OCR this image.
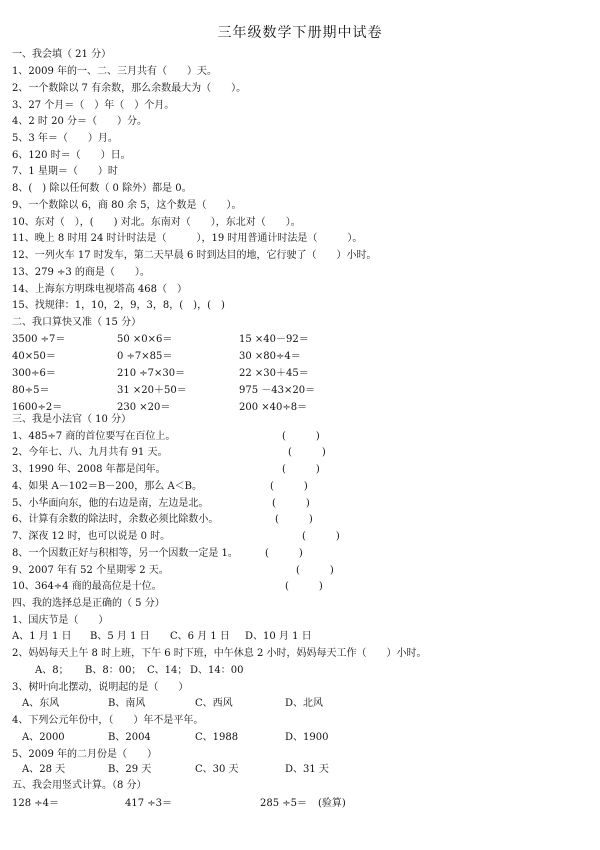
三年级数学下册期中试卷
一、我会填（ 21 分）
1、2009 年的一、二、三月共有（　　）天。
2、一个数除以 7 有余数，那么余数最大为（　　）。
3、27 个月＝（　）年（　）个月。
4、2 时 20 分＝（　　）分。
5、3 年＝（　　）月。
6、120 时＝（　　）日。
7、1 星期＝（　　）时
8、(　) 除以任何数（ 0 除外）都是 0。
9、一个数除以 6，商 80 余 5，这个数是（　　）。
10、东对（　），(　　) 对北。东南对（　　），东北对（　　）。
11、晚上 8 时用 24 时计时法是（　　　），19 时用普通计时法是（　　　）。
12、一列火车 17 时发车，第二天早晨 6 时到达目的地，它行驶了（　　）小时。
13、279 ÷3 的商是（　　）。
14、上海东方明珠电视塔高 468（　）
15、找规律：1，10，2，9，3，8，(　)，(　)
二、我口算快又准（ 15 分）
3500 ÷7＝	50 ×0×6＝	15 ×40－92＝
40×50＝	0 ÷7×85＝	30 ×80÷4＝
300÷6＝	210 ÷7×30＝	22 ×30＋45＝
80÷5＝	31 ×20＋50＝	975 －43×20＝
1600÷2＝	230 ×20＝	200 ×40÷8＝
三、我是小法官（ 10 分）
1、485÷7 商的首位要写在百位上。	(　　　)
2、今年七、八、九月共有 91 天。	(　　　)
3、1990 年、2008 年都是闰年。	(　　　)
4、如果 A－102＝B－200，那么 A＜B。	(　　　)
5、小华面向东，他的右边是南，左边是北。	(　　　)
6、计算有余数的除法时，余数必须比除数小。	(　　　)
7、深夜 12 时，也可以说是 0 时。	(　　　)
8、一个因数正好与积相等，另一个因数一定是 1。	(　　　)
9、2007 年有 52 个星期零 2 天。	(　　　)
10、364÷4 商的最高位是十位。	(　　　)
四、我的选择总是正确的（ 5 分）
1、国庆节是（　　）
A、1 月 1 日 B、5 月 1 日 C、6 月 1 日 D、10 月 1 日
2、妈妈每天上午 8 时上班，下午 6 时下班，中午休息 2 小时，妈妈每天工作（　　）小时。
A、8； B、8：00； C、14； D、14：00
3、树叶向北摆动，说明起的是（　　）
A、东风	B、南风	C、西风	D、北风
4、下列公元年份中，（　　）年不是平年。
A、2000	B、2004	C、1988	D、1900
5、2009 年的二月份是（　　）
A、28 天	B、29 天	C、30 天	D、31 天
五、我会用竖式计算。（8 分）
128 ÷4＝	417 ÷3＝	285 ÷5＝ (验算)
